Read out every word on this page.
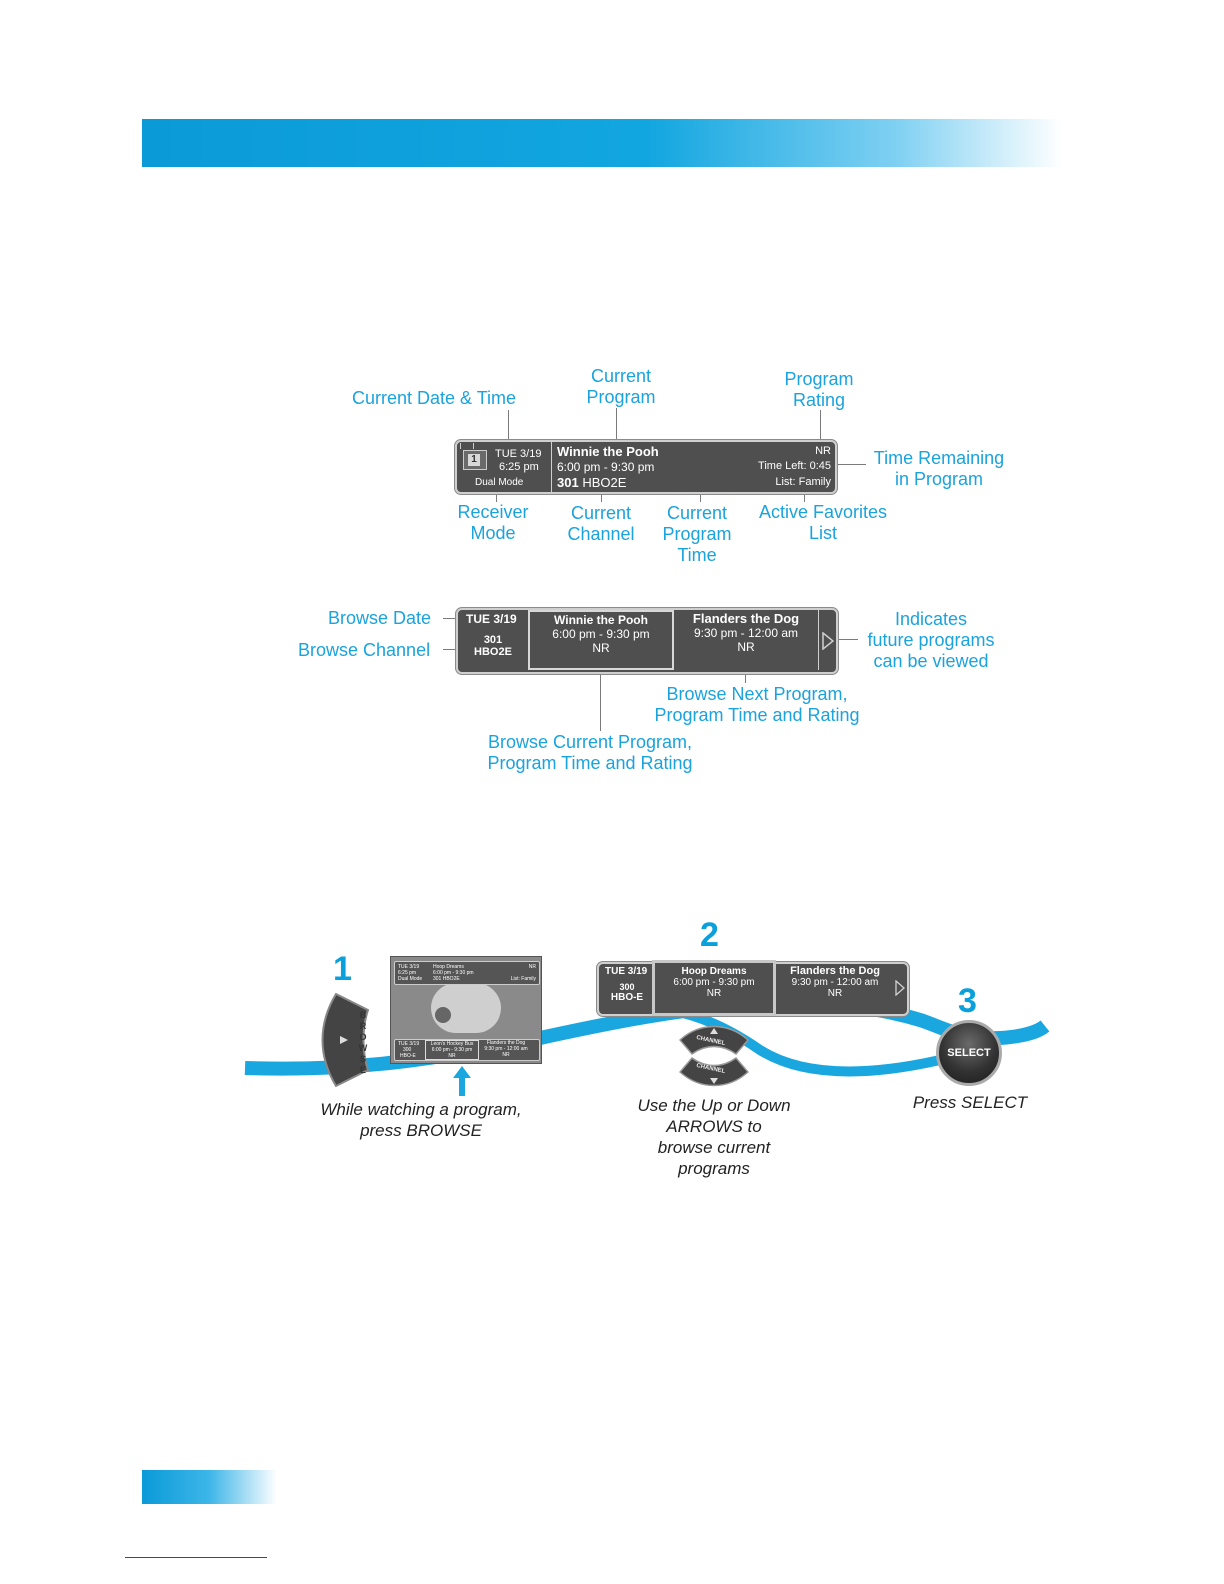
Current Date & Time
Current
Program
Program
Rating
Time Remaining
in Program
Receiver
Mode
Current
Channel
Current
Program
Time
Active Favorites
List
1 TUE 3/19
6:25 pm
Dual Mode
Winnie the Pooh
6:00 pm - 9:30 pm
301 HBO2E
NR
Time Left: 0:45
List: Family
Browse Date
Browse Channel
Indicates
future programs
can be viewed
Browse Next Program,
Program Time and Rating
Browse Current Program,
Program Time and Rating
TUE 3/19
301
HBO2E
Winnie the Pooh
6:00 pm - 9:30 pm
NR
Flanders the Dog
9:30 pm - 12:00 am
NR
1
BROWSE
TUE 3/19
6:25 pm
Dual Mode
Hoop Dreams
6:00 pm - 9:30 pm
301 HBO2E
NR
List: Family
TUE 3/19
300
HBO-E
Leon's Hockey Bus
6:00 pm - 9:30 pm
NR
Flanders the Dog
9:30 pm - 12:00 am
NR
While watching a program,
press BROWSE
2
TUE 3/19
300
HBO-E
Hoop Dreams
6:00 pm - 9:30 pm
NR
Flanders the Dog
9:30 pm - 12:00 am
NR
CHANNEL
CHANNEL
Use the Up or Down
ARROWS to
browse current
programs
3
SELECT
Press SELECT
